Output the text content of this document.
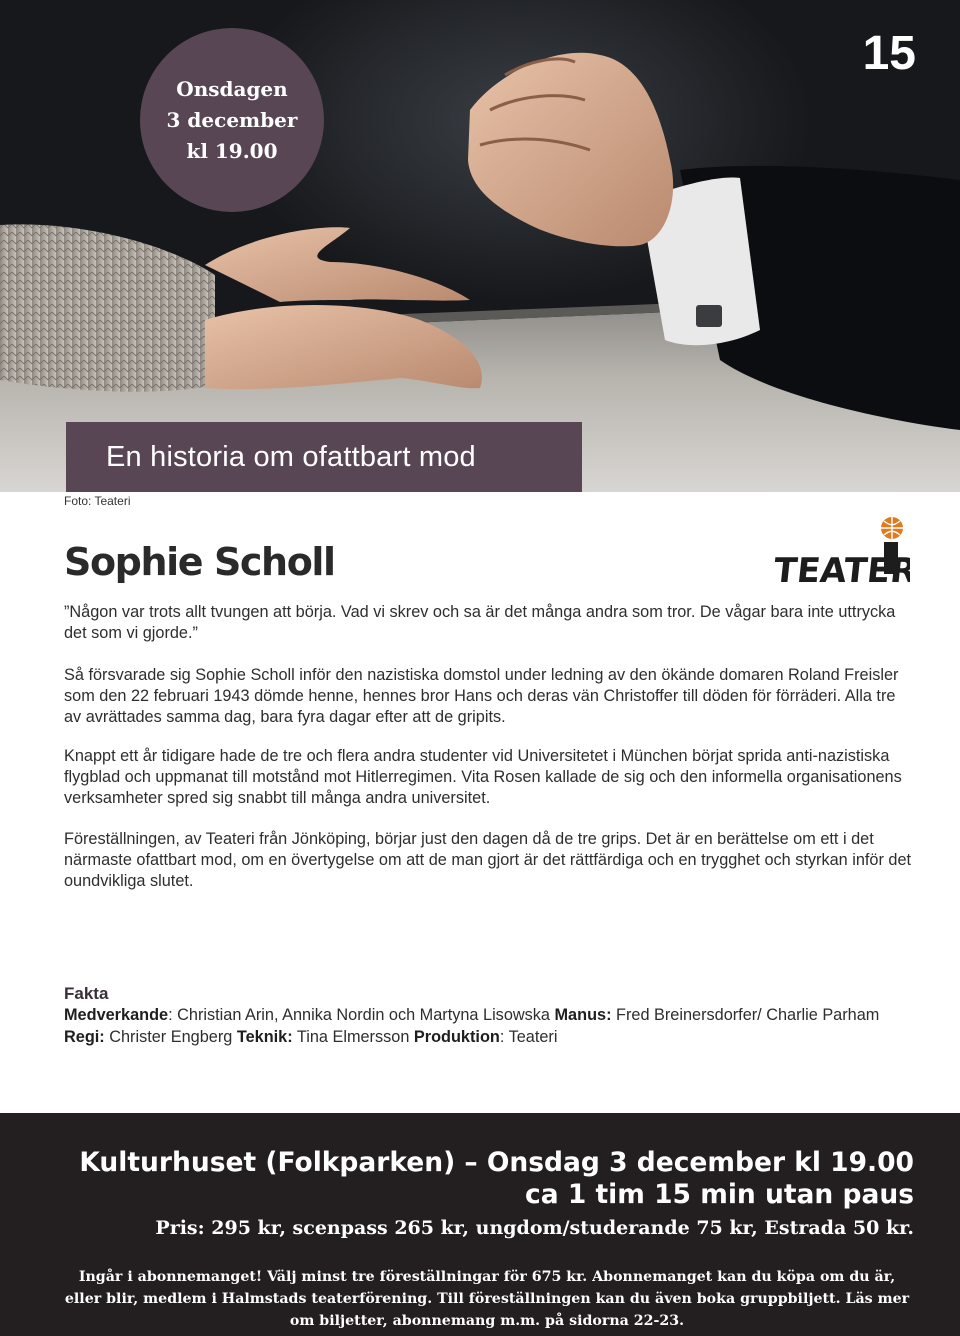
Onsdagen
3 december
kl 19.00
15
En historia om ofattbart mod
Foto: Teateri
Sophie Scholl	TEATER

”Någon var trots allt tvungen att börja. Vad vi skrev och sa är det många andra som tror. De vågar bara inte uttrycka det som vi gjorde.”

Så försvarade sig Sophie Scholl inför den nazistiska domstol under ledning av den ökände domaren Roland Freisler som den 22 februari 1943 dömde henne, hennes bror Hans och deras vän Christoffer till döden för förräderi. Alla tre av avrättades samma dag, bara fyra dagar efter att de gripits.

Knappt ett år tidigare hade de tre och flera andra studenter vid Universitetet i München börjat sprida anti-nazistiska flygblad och uppmanat till motstånd mot Hitlerregimen. Vita Rosen kallade de sig och den informella organisationens verksamheter spred sig snabbt till många andra universitet.

Föreställningen, av Teateri från Jönköping, börjar just den dagen då de tre grips. Det är en berättelse om ett i det närmaste ofattbart mod, om en övertygelse om att de man gjort är det rättfärdiga och en trygghet och styrkan inför det oundvikliga slutet.

Fakta

Medverkande: Christian Arin, Annika Nordin och Martyna Lisowska Manus: Fred Breinersdorfer/ Charlie Parham Regi: Christer Engberg Teknik: Tina Elmersson Produktion: Teateri

Kulturhuset (Folkparken) – Onsdag 3 december kl 19.00
ca 1 tim 15 min utan paus
Pris: 295 kr, scenpass 265 kr, ungdom/studerande 75 kr, Estrada 50 kr.
Ingår i abonnemanget! Välj minst tre föreställningar för 675 kr. Abonnemanget kan du köpa om du är, eller blir, medlem i Halmstads teaterförening. Till föreställningen kan du även boka gruppbiljett. Läs mer om biljetter, abonnemang m.m. på sidorna 22-23.
